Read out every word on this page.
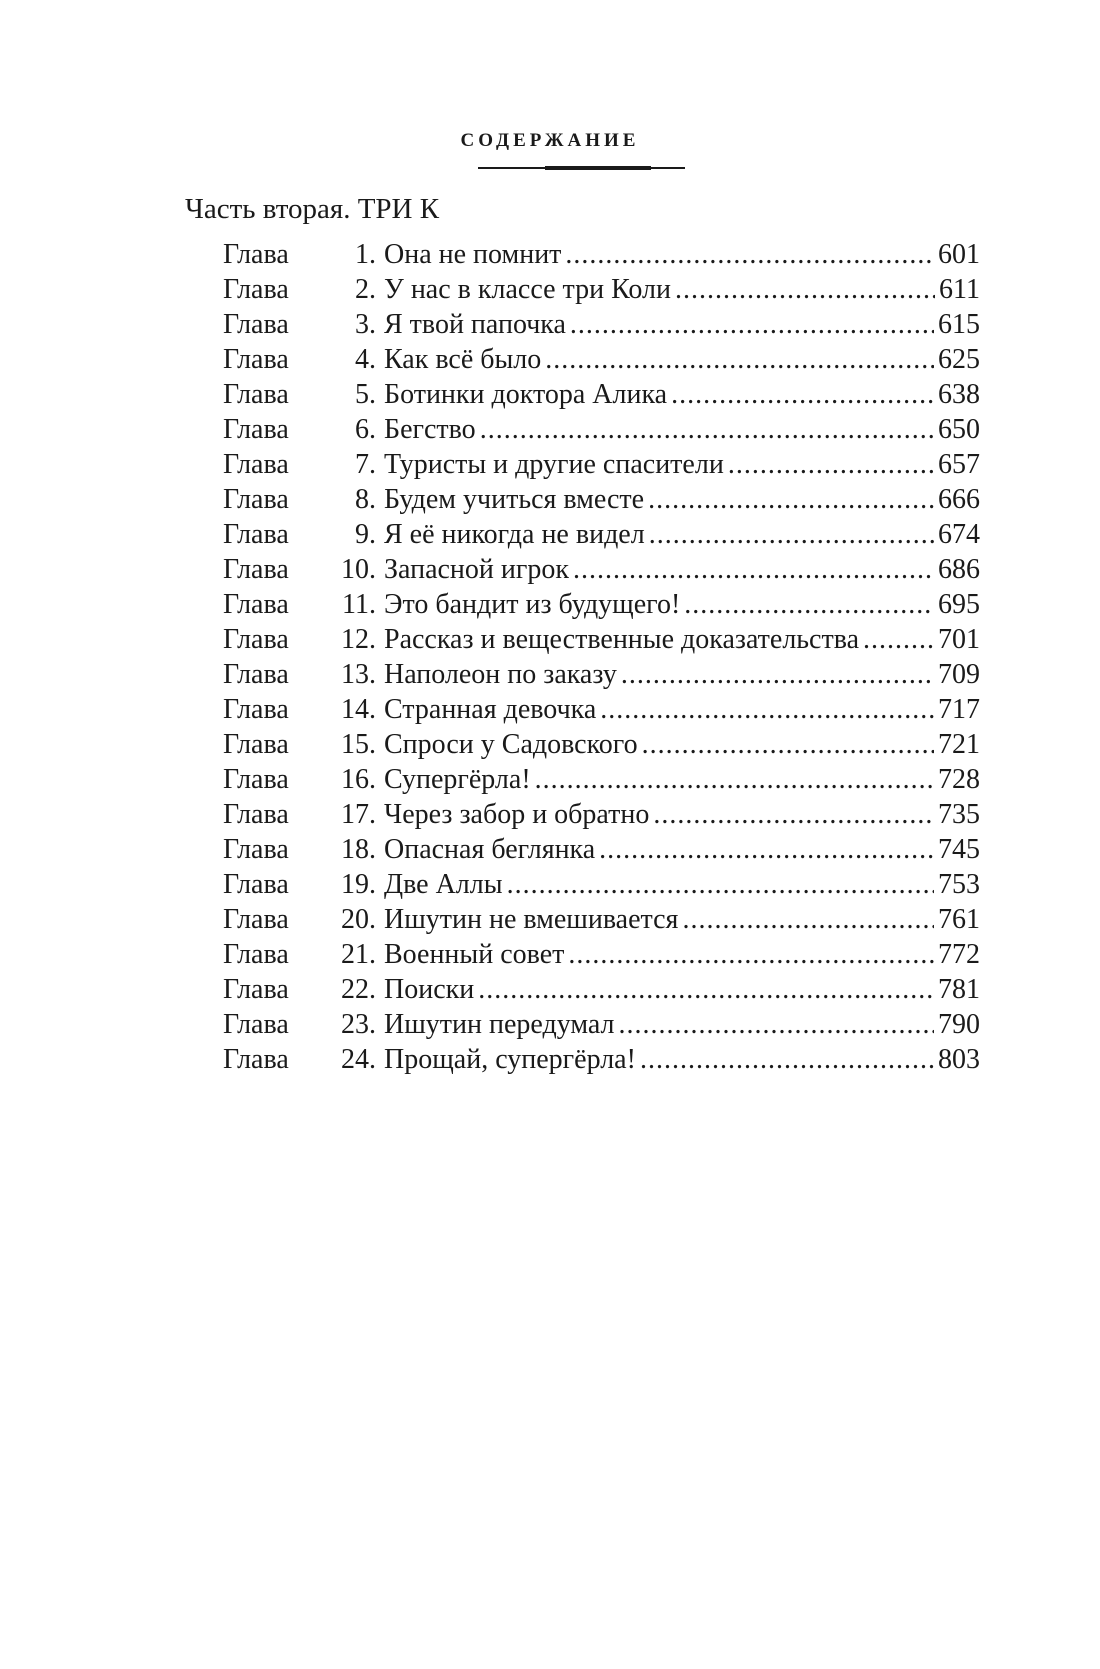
СОДЕРЖАНИЕ
Часть вторая. ТРИ К
Глава	1 . Она не помнит . . .	601
Глава	2 . У нас в классе три Коли . . .	611
Глава	3 . Я твой папочка . . .	615
Глава	4 . Как всё было . . .	625
Глава	5 . Ботинки доктора Алика . . .	638
Глава	6 . Бегство . . .	650
Глава	7 . Туристы и другие спасители . . .	657
Глава	8 . Будем учиться вместе . . .	666
Глава	9 . Я её никогда не видел . . .	674
Глава	10 . Запасной игрок . . .	686
Глава	11 . Это бандит из будущего! . . .	695
Глава	12 . Рассказ и вещественные доказательства . . .	701
Глава	13 . Наполеон по заказу . . .	709
Глава	14 . Странная девочка . . .	717
Глава	15 . Спроси у Садовского . . .	721
Глава	16 . Супергёрла! . . .	728
Глава	17 . Через забор и обратно . . .	735
Глава	18 . Опасная беглянка . . .	745
Глава	19 . Две Аллы . . .	753
Глава	20 . Ишутин не вмешивается . . .	761
Глава	21 . Военный совет . . .	772
Глава	22 . Поиски . . .	781
Глава	23 . Ишутин передумал . . .	790
Глава	24 . Прощай, супергёрла! . . .	803
